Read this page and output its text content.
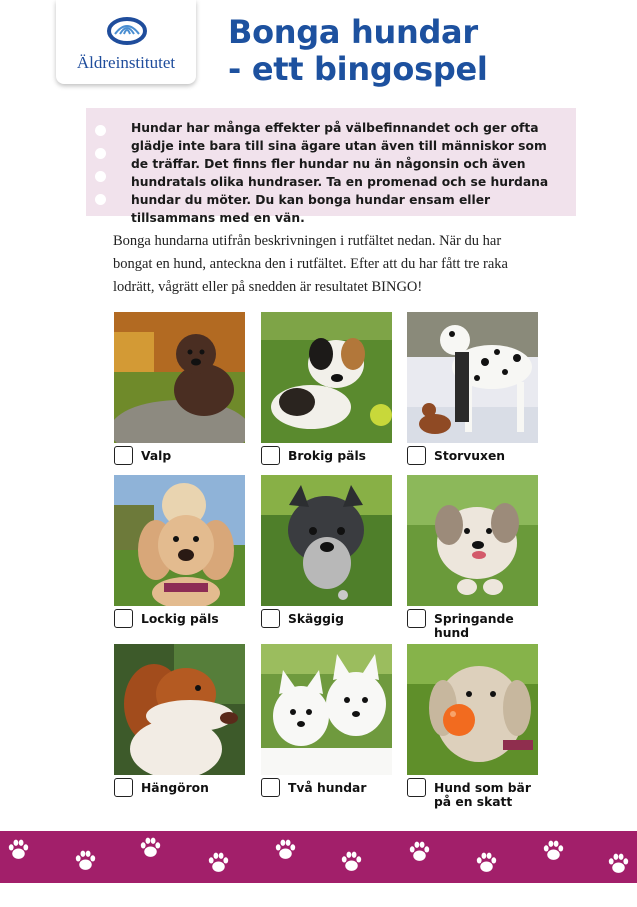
Äldreinstitutet
Bonga hundar
- ett bingospel

Hundar har många effekter på välbefinnandet och ger ofta glädje inte bara till sina ägare utan även till människor som de träffar. Det finns fler hundar nu än någonsin och även hundratals olika hundraser. Ta en promenad och se hurdana hundar du möter. Du kan bonga hundar ensam eller tillsammans med en vän.

Bonga hundarna utifrån beskrivningen i rutfältet nedan. När du har bongat en hund, anteckna den i rutfältet. Efter att du har fått tre raka lodrätt, vågrätt eller på snedden är resultatet BINGO!

Valp	Brokig päls	Storvuxen
Lockig päls	Skäggig	Springande hund
Hängöron	Två hundar	Hund som bär på en skatt
